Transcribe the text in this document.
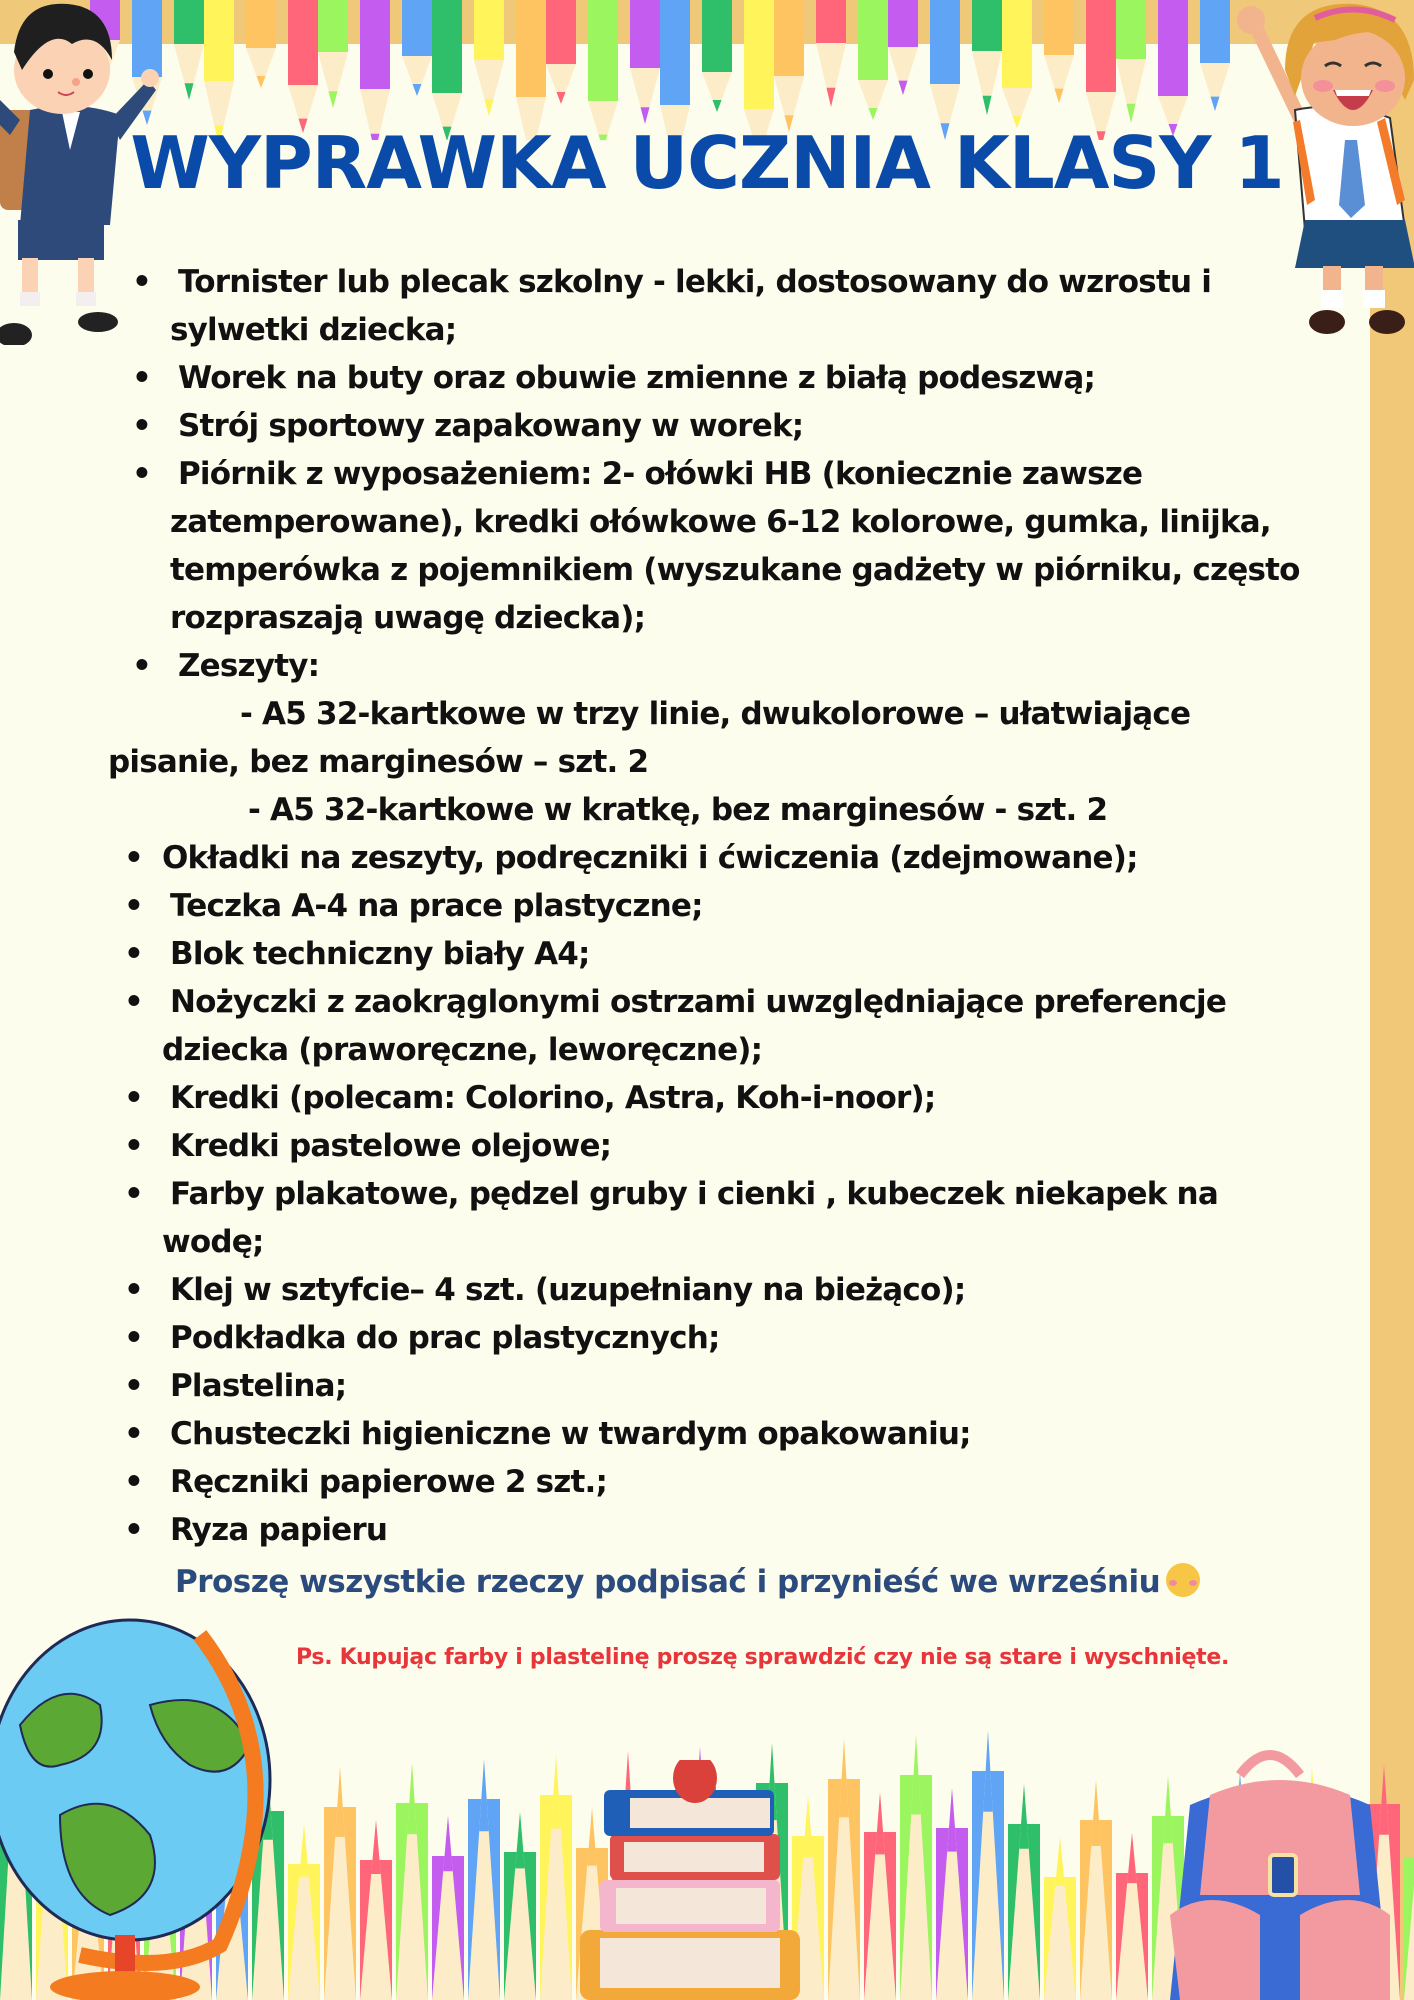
WYPRAWKA UCZNIA KLASY 1
• Tornister lub plecak szkolny - lekki, dostosowany do wzrostu i
sylwetki dziecka;
• Worek na buty oraz obuwie zmienne z białą podeszwą;
• Strój sportowy zapakowany w worek;
• Piórnik z wyposażeniem: 2- ołówki HB (koniecznie zawsze
zatemperowane), kredki ołówkowe 6-12 kolorowe, gumka, linijka,
temperówka z pojemnikiem (wyszukane gadżety w piórniku, często
rozpraszają uwagę dziecka);
• Zeszyty:
- A5 32-kartkowe w trzy linie, dwukolorowe – ułatwiające
pisanie, bez marginesów – szt. 2
- A5 32-kartkowe w kratkę, bez marginesów - szt. 2
• Okładki na zeszyty, podręczniki i ćwiczenia (zdejmowane);
• Teczka A-4 na prace plastyczne;
• Blok techniczny biały A4;
• Nożyczki z zaokrąglonymi ostrzami uwzględniające preferencje
dziecka (praworęczne, leworęczne);
• Kredki (polecam: Colorino, Astra, Koh-i-noor);
• Kredki pastelowe olejowe;
• Farby plakatowe, pędzel gruby i cienki , kubeczek niekapek na
wodę;
• Klej w sztyfcie– 4 szt. (uzupełniany na bieżąco);
• Podkładka do prac plastycznych;
• Plastelina;
• Chusteczki higieniczne w twardym opakowaniu;
• Ręczniki papierowe 2 szt.;
• Ryza papieru
Proszę wszystkie rzeczy podpisać i przynieść we wrześniu
Ps. Kupując farby i plastelinę proszę sprawdzić czy nie są stare i wyschnięte.
